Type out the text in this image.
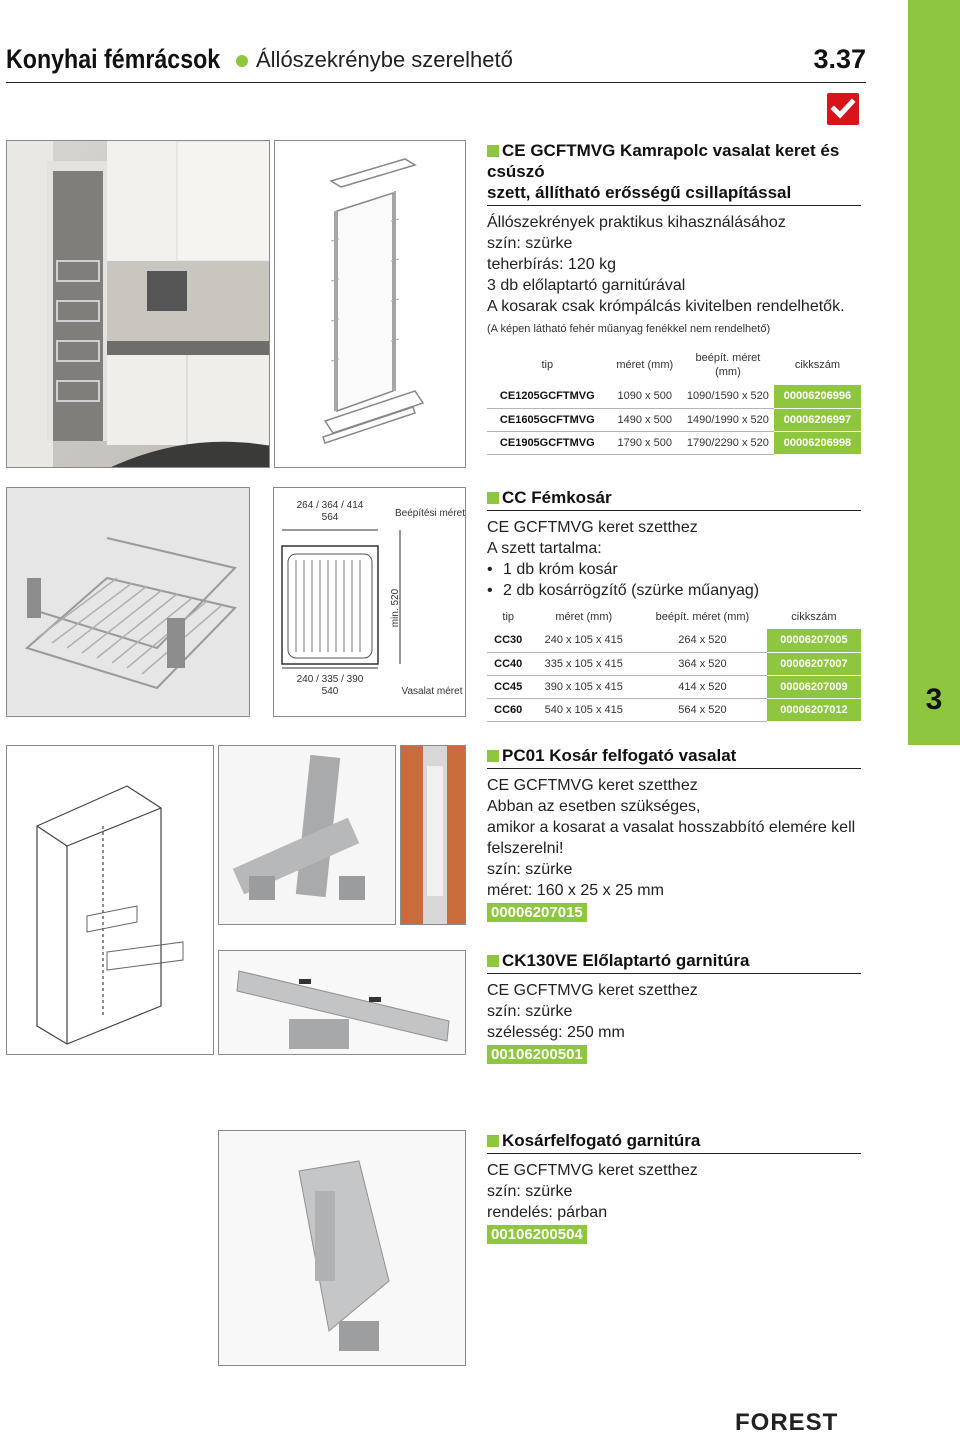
Konyhai fémrácsok Állószekrénybe szerelhető	3.37
3
CE GCFTMVG Kamrapolc vasalat keret és csúszó
szett, állítható erősségű csillapítással
Állószekrények praktikus kihasználásához
szín: szürke
teherbírás: 120 kg
3 db előlaptartó garnitúrával
A kosarak csak krómpálcás kivitelben rendelhetők.
(A képen látható fehér műanyag fenékkel nem rendelhető)
tip	méret (mm)	beépít. méret (mm)	cikkszám
CE1205GCFTMVG	1090 x 500	1090/1590 x 520	00006206996
CE1605GCFTMVG	1490 x 500	1490/1990 x 520	00006206997
CE1905GCFTMVG	1790 x 500	1790/2290 x 520	00006206998
264 / 364 / 414
564	Beépítési méret
min. 520
240 / 335 / 390
540	Vasalat méret
CC Fémkosár
CE GCFTMVG keret szetthez
A szett tartalma:
• 1 db króm kosár
• 2 db kosárrögzítő (szürke műanyag)
tip	méret (mm)	beépít. méret (mm)	cikkszám
CC30	240 x 105 x 415	264 x 520	00006207005
CC40	335 x 105 x 415	364 x 520	00006207007
CC45	390 x 105 x 415	414 x 520	00006207009
CC60	540 x 105 x 415	564 x 520	00006207012
PC01 Kosár felfogató vasalat
CE GCFTMVG keret szetthez
Abban az esetben szükséges,
amikor a kosarat a vasalat hosszabbító elemére kell
felszerelni!
szín: szürke
méret: 160 x 25 x 25 mm
00006207015
CK130VE Előlaptartó garnitúra
CE GCFTMVG keret szetthez
szín: szürke
szélesség: 250 mm
00106200501
Kosárfelfogató garnitúra
CE GCFTMVG keret szetthez
szín: szürke
rendelés: párban
00106200504
FOREST
